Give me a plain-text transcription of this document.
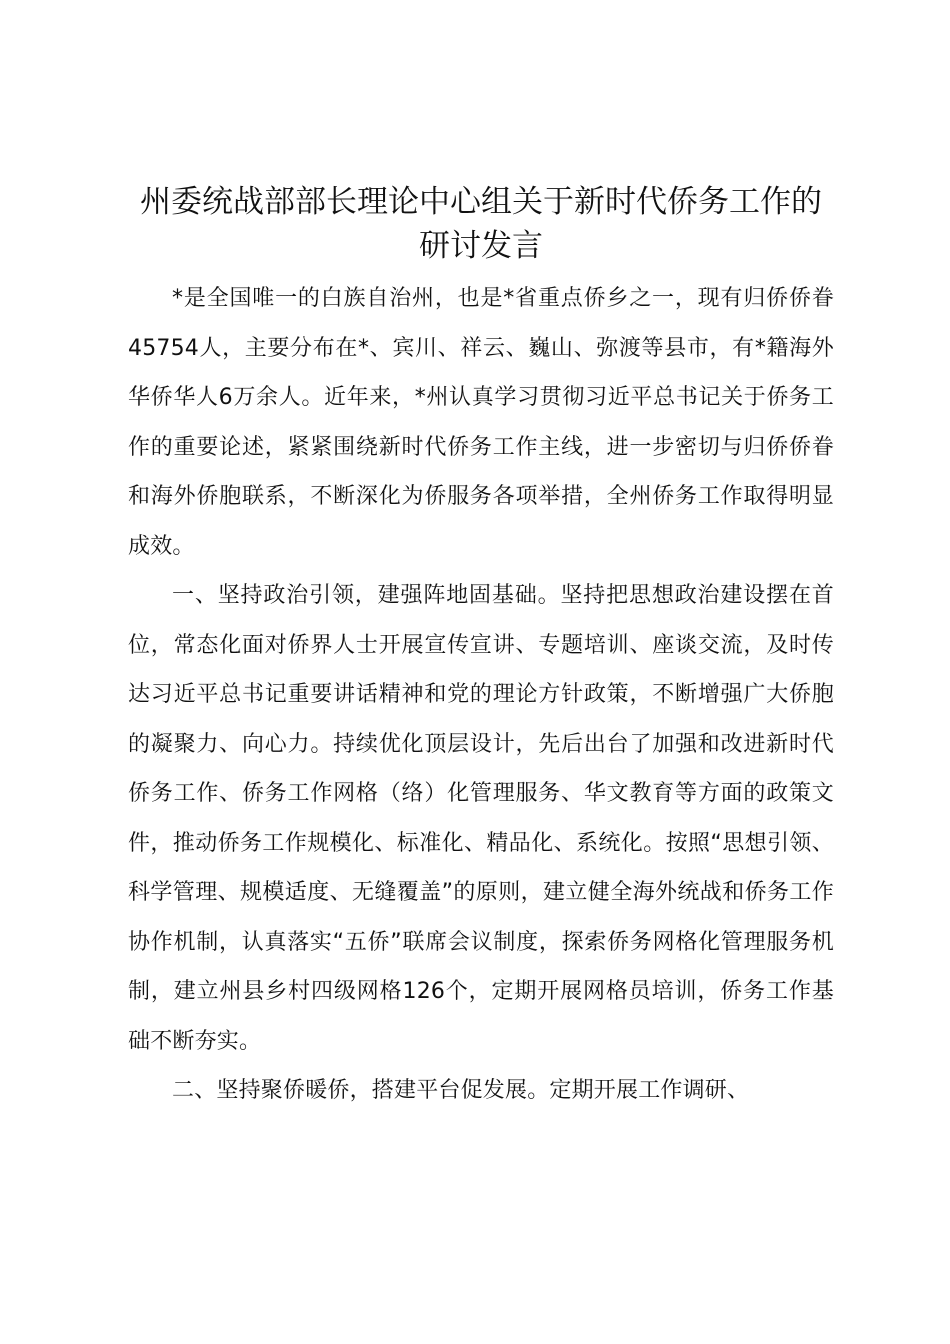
州委统战部部长理论中心组关于新时代侨务工作的研讨发言

*是全国唯一的白族自治州，也是*省重点侨乡之一，现有归侨侨眷45754人，主要分布在*、宾川、祥云、巍山、弥渡等县市，有*籍海外华侨华人6万余人。近年来，*州认真学习贯彻习近平总书记关于侨务工作的重要论述，紧紧围绕新时代侨务工作主线，进一步密切与归侨侨眷和海外侨胞联系，不断深化为侨服务各项举措，全州侨务工作取得明显成效。

一、坚持政治引领，建强阵地固基础。坚持把思想政治建设摆在首位，常态化面对侨界人士开展宣传宣讲、专题培训、座谈交流，及时传达习近平总书记重要讲话精神和党的理论方针政策，不断增强广大侨胞的凝聚力、向心力。持续优化顶层设计，先后出台了加强和改进新时代侨务工作、侨务工作网格（络）化管理服务、华文教育等方面的政策文件，推动侨务工作规模化、标准化、精品化、系统化。按照“思想引领、科学管理、规模适度、无缝覆盖”的原则，建立健全海外统战和侨务工作协作机制，认真落实“五侨”联席会议制度，探索侨务网格化管理服务机制，建立州县乡村四级网格126个，定期开展网格员培训，侨务工作基础不断夯实。

二、坚持聚侨暖侨，搭建平台促发展。定期开展工作调研、
